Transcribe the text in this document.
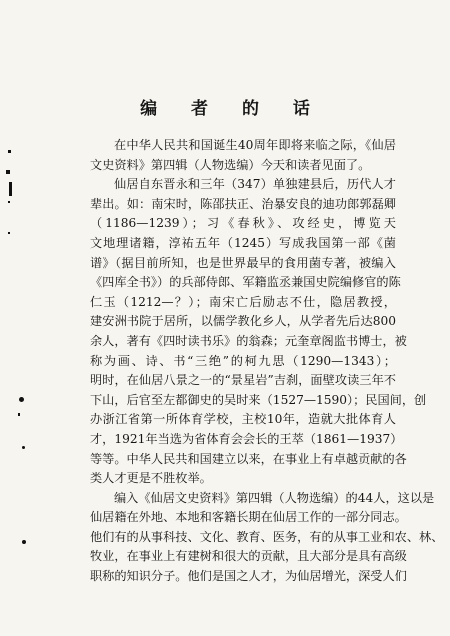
编 者 的 话
在中华人民共和国诞生40周年即将来临之际，《仙居
文史资料》第四辑（人物选编）今天和读者见面了。
仙居自东晋永和三年（347）单独建县后，历代人才
辈出。如：南宋时，陈邵扶正、治暴安良的迪功郎郭磊卿
（1186—1239）；习《春秋》、攻经史，博览天
文地理诸籍，淳祐五年（1245）写成我国第一部《菌
谱》（据目前所知，也是世界最早的食用菌专著，被编入
《四库全书》）的兵部侍郎、军籍监丞兼国史院编修官的陈
仁玉（1212—？）；南宋亡后励志不仕，隐居教授，
建安洲书院于居所，以儒学教化乡人，从学者先后达800
余人，著有《四时读书乐》的翁森；元奎章阁监书博士，被
称为画、诗、书“三绝”的柯九思（1290—1343）；
明时，在仙居八景之一的“景星岩”吉刹，面壁攻读三年不
下山，后官至左都御史的吴时来（1527—1590）；民国间，创
办浙江省第一所体育学校，主校10年，造就大批体育人
才，1921年当选为省体育会会长的王萃（1861—1937）
等等。中华人民共和国建立以来，在事业上有卓越贡献的各
类人才更是不胜枚举。
编入《仙居文史资料》第四辑（人物选编）的44人，这以是
仙居籍在外地、本地和客籍长期在仙居工作的一部分同志。
他们有的从事科技、文化、教育、医务，有的从事工业和农、林、
牧业，在事业上有建树和很大的贡献，且大部分是具有高级
职称的知识分子。他们是国之人才，为仙居增光，深受人们
